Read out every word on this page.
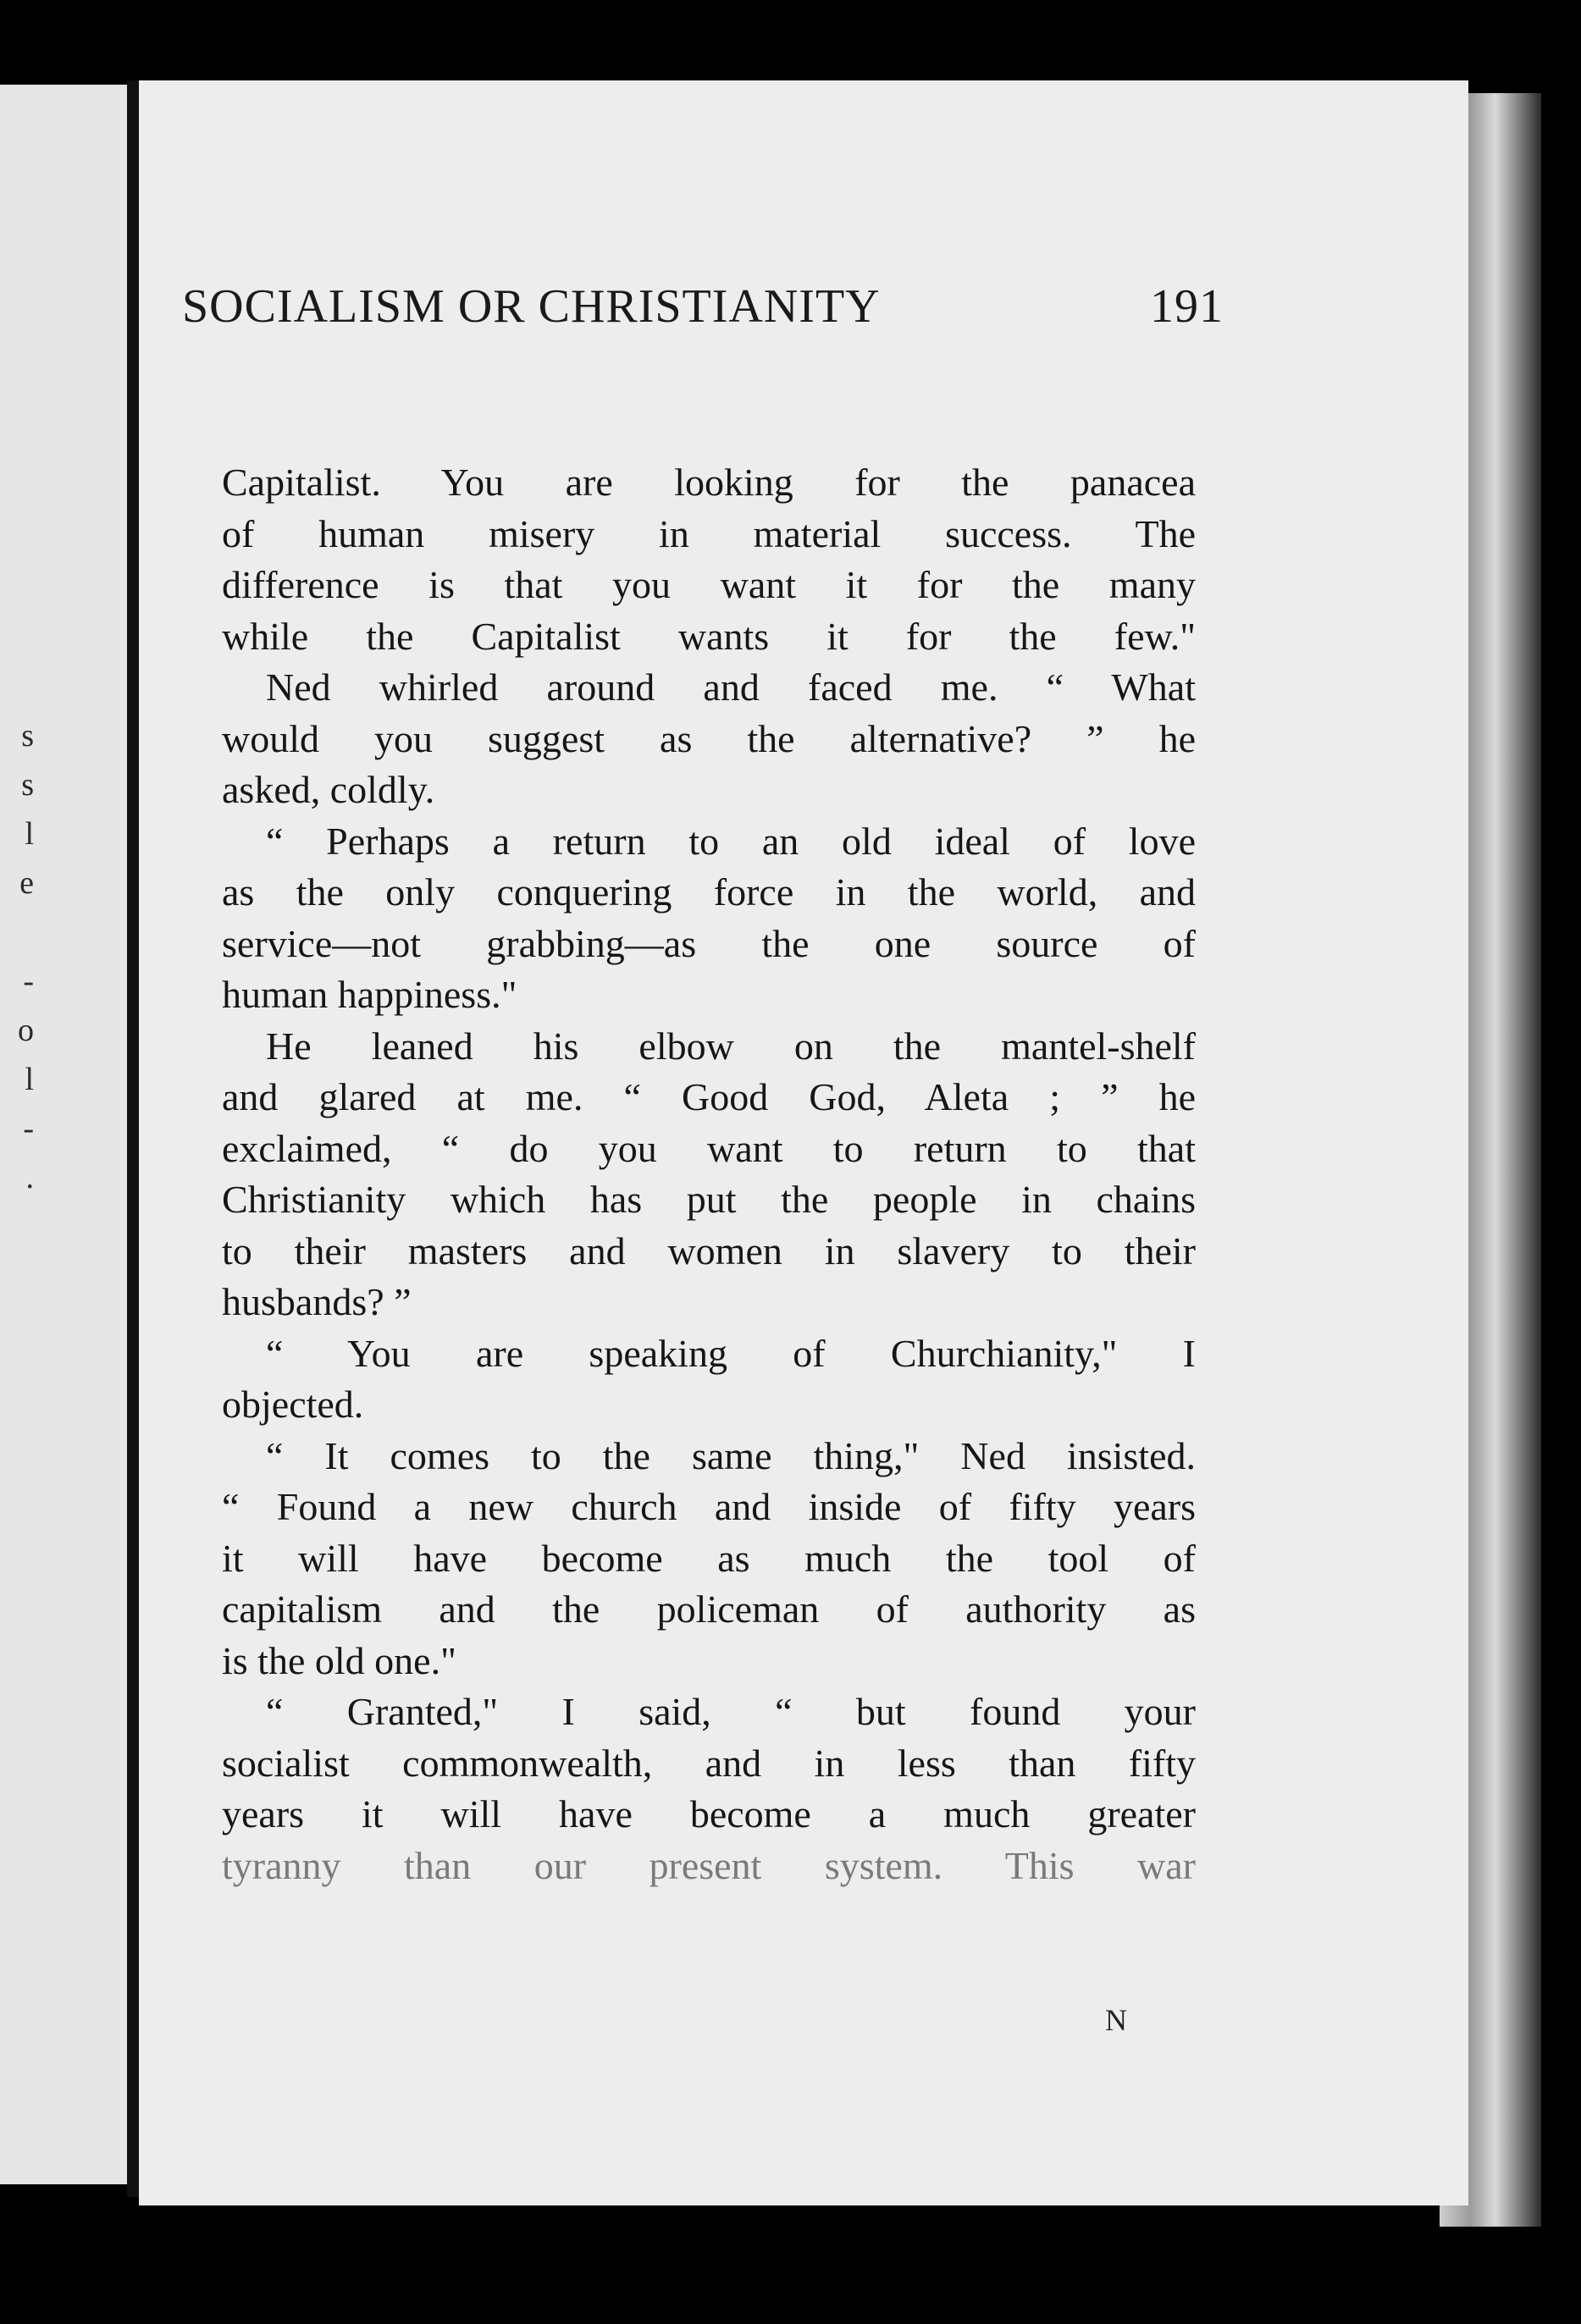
s
s
l
e
-
o
l
-
.
SOCIALISM OR CHRISTIANITY	191
Capitalist. You are looking for the panacea
of human misery in material success. The
difference is that you want it for the many
while the Capitalist wants it for the few."
Ned whirled around and faced me. “ What
would you suggest as the alternative? ” he
asked, coldly.
“ Perhaps a return to an old ideal of love
as the only conquering force in the world, and
service—not grabbing—as the one source of
human happiness."
He leaned his elbow on the mantel-shelf
and glared at me. “ Good God, Aleta ; ” he
exclaimed, “ do you want to return to that
Christianity which has put the people in chains
to their masters and women in slavery to their
husbands? ”
“ You are speaking of Churchianity," I
objected.
“ It comes to the same thing," Ned insisted.
“ Found a new church and inside of fifty years
it will have become as much the tool of
capitalism and the policeman of authority as
is the old one."
“ Granted," I said, “ but found your
socialist commonwealth, and in less than fifty
years it will have become a much greater
tyranny than our present system. This war
N
